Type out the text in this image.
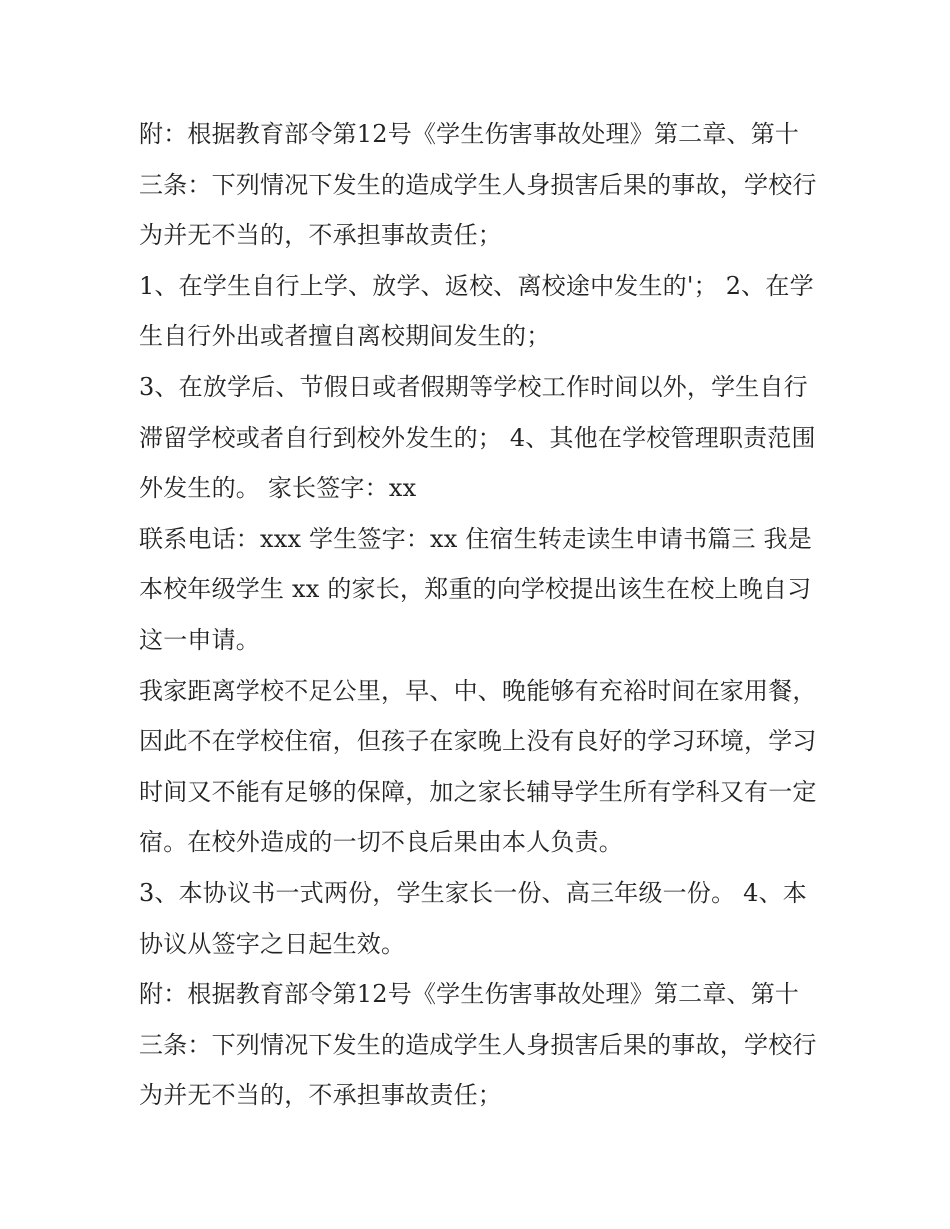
附：根据教育部令第12号《学生伤害事故处理》第二章、第十三条：下列情况下发生的造成学生人身损害后果的事故，学校行为并无不当的，不承担事故责任；

1、在学生自行上学、放学、返校、离校途中发生的'； 2、在学生自行外出或者擅自离校期间发生的；

3、在放学后、节假日或者假期等学校工作时间以外，学生自行滞留学校或者自行到校外发生的； 4、其他在学校管理职责范围外发生的。 家长签字：xx

联系电话：xxx 学生签字：xx 住宿生转走读生申请书篇三 我是本校年级学生 xx 的家长，郑重的向学校提出该生在校上晚自习这一申请。

我家距离学校不足公里，早、中、晚能够有充裕时间在家用餐，因此不在学校住宿，但孩子在家晚上没有良好的学习环境，学习时间又不能有足够的保障，加之家长辅导学生所有学科又有一定宿。在校外造成的一切不良后果由本人负责。

3、本协议书一式两份，学生家长一份、高三年级一份。 4、本协议从签字之日起生效。

附：根据教育部令第12号《学生伤害事故处理》第二章、第十三条：下列情况下发生的造成学生人身损害后果的事故，学校行为并无不当的，不承担事故责任；
